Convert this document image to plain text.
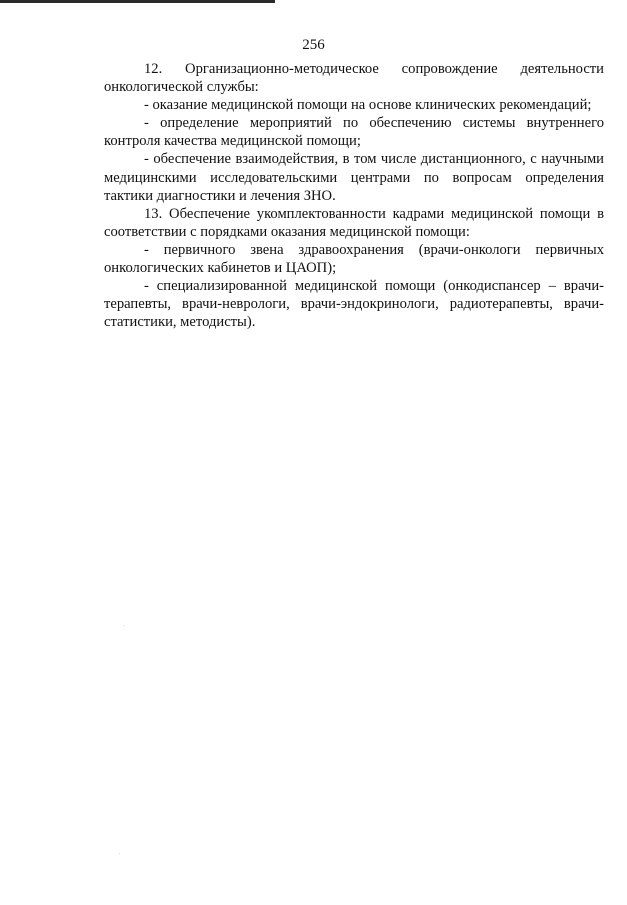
256

12. Организационно-методическое сопровождение деятельности онкологической службы:

- оказание медицинской помощи на основе клинических рекомендаций;

- определение мероприятий по обеспечению системы внутреннего контроля качества медицинской помощи;

- обеспечение взаимодействия, в том числе дистанционного, с научными медицинскими исследовательскими центрами по вопросам определения тактики диагностики и лечения ЗНО.

13. Обеспечение укомплектованности кадрами медицинской помощи в соответствии с порядками оказания медицинской помощи:

- первичного звена здравоохранения (врачи-онкологи первичных онкологических кабинетов и ЦАОП);

- специализированной медицинской помощи (онкодиспансер – врачи-терапевты, врачи-неврологи, врачи-эндокринологи, радиотерапевты, врачи-статистики, методисты).
